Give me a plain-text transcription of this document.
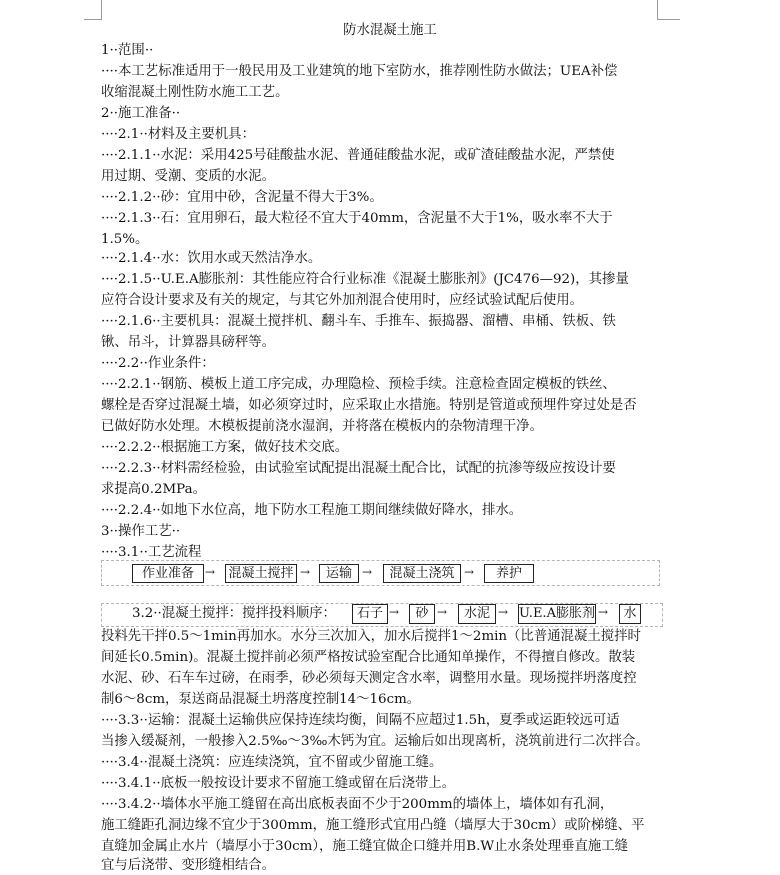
防水混凝土施工
1··范围··
····本工艺标准适用于一般民用及工业建筑的地下室防水，推荐刚性防水做法；UEA补偿
收缩混凝土刚性防水施工工艺。
2··施工准备··
····2.1··材料及主要机具：
····2.1.1··水泥：采用425号硅酸盐水泥、普通硅酸盐水泥，或矿渣硅酸盐水泥，严禁使
用过期、受潮、变质的水泥。
····2.1.2··砂：宜用中砂，含泥量不得大于3%。
····2.1.3··石：宜用卵石，最大粒径不宜大于40mm，含泥量不大于1%，吸水率不大于
1.5%。
····2.1.4··水：饮用水或天然洁净水。
····2.1.5··U.E.A膨胀剂：其性能应符合行业标准《混凝土膨胀剂》(JC476—92)，其掺量
应符合设计要求及有关的规定，与其它外加剂混合使用时，应经试验试配后使用。
····2.1.6··主要机具：混凝土搅拌机、翻斗车、手推车、振捣器、溜槽、串桶、铁板、铁
锹、吊斗，计算器具磅秤等。
····2.2··作业条件：
····2.2.1··钢筋、模板上道工序完成，办理隐检、预检手续。注意检查固定模板的铁丝、
螺栓是否穿过混凝土墙，如必须穿过时，应采取止水措施。特别是管道或预埋件穿过处是否
已做好防水处理。木模板提前浇水湿润，并将落在模板内的杂物清理干净。
····2.2.2··根据施工方案，做好技术交底。
····2.2.3··材料需经检验，由试验室试配提出混凝土配合比，试配的抗渗等级应按设计要
求提高0.2MPa。
····2.2.4··如地下水位高，地下防水工程施工期间继续做好降水，排水。
3··操作工艺··
····3.1··工艺流程
作业准备 → 混凝土搅拌 →	运输 →	混凝土浇筑 →	养护
3.2··混凝土搅拌：搅拌投料顺序：	石子 →	砂 →	水泥 → U.E.A膨胀剂 →	水
投料先干拌0.5～1min再加水。水分三次加入，加水后搅拌1～2min（比普通混凝土搅拌时
间延长0.5min)。混凝土搅拌前必须严格按试验室配合比通知单操作，不得擅自修改。散装
水泥、砂、石车车过磅，在雨季，砂必须每天测定含水率，调整用水量。现场搅拌坍落度控
制6～8cm，泵送商品混凝土坍落度控制14～16cm。
····3.3··运输：混凝土运输供应保持连续均衡，间隔不应超过1.5h，夏季或运距较远可适
当掺入缓凝剂，一般掺入2.5‰～3‰木钙为宜。运输后如出现离析，浇筑前进行二次拌合。
····3.4··混凝土浇筑：应连续浇筑，宜不留或少留施工缝。
····3.4.1··底板一般按设计要求不留施工缝或留在后浇带上。
····3.4.2··墙体水平施工缝留在高出底板表面不少于200mm的墙体上，墙体如有孔洞，
施工缝距孔洞边缘不宜少于300mm，施工缝形式宜用凸缝（墙厚大于30cm）或阶梯缝、平
直缝加金属止水片（墙厚小于30cm），施工缝宜做企口缝并用B.W止水条处理垂直施工缝
宜与后浇带、变形缝相结合。
